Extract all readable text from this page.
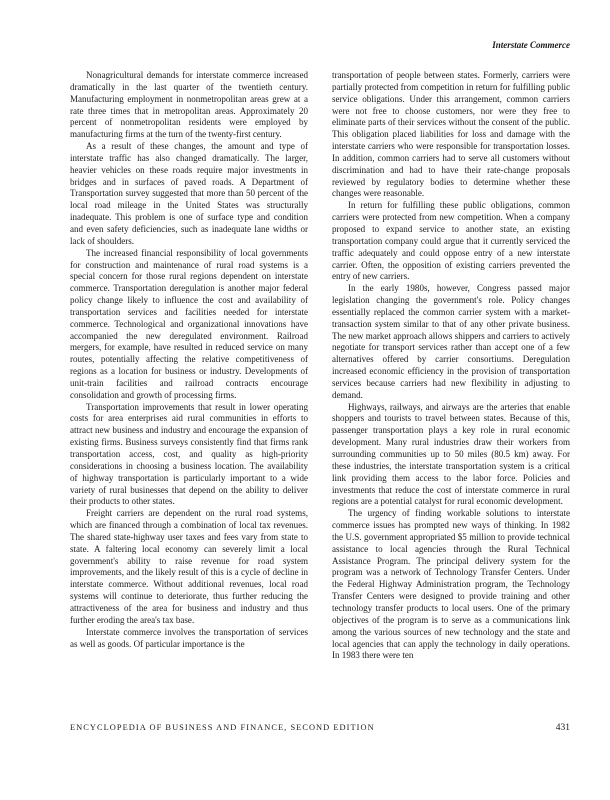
Interstate Commerce

Nonagricultural demands for interstate commerce increased dramatically in the last quarter of the twentieth century. Manufacturing employment in nonmetropolitan areas grew at a rate three times that in metropolitan areas. Approximately 20 percent of nonmetropolitan residents were employed by manufacturing firms at the turn of the twenty-first century.

As a result of these changes, the amount and type of interstate traffic has also changed dramatically. The larger, heavier vehicles on these roads require major investments in bridges and in surfaces of paved roads. A Department of Transportation survey suggested that more than 50 percent of the local road mileage in the United States was structurally inadequate. This problem is one of surface type and condition and even safety deficiencies, such as inadequate lane widths or lack of shoulders.

The increased financial responsibility of local governments for construction and maintenance of rural road systems is a special concern for those rural regions dependent on interstate commerce. Transportation deregulation is another major federal policy change likely to influence the cost and availability of transportation services and facilities needed for interstate commerce. Technological and organizational innovations have accompanied the new deregulated environment. Railroad mergers, for example, have resulted in reduced service on many routes, potentially affecting the relative competitiveness of regions as a location for business or industry. Developments of unit-train facilities and railroad contracts encourage consolidation and growth of processing firms.

Transportation improvements that result in lower operating costs for area enterprises aid rural communities in efforts to attract new business and industry and encourage the expansion of existing firms. Business surveys consistently find that firms rank transportation access, cost, and quality as high-priority considerations in choosing a business location. The availability of highway transportation is particularly important to a wide variety of rural businesses that depend on the ability to deliver their products to other states.

Freight carriers are dependent on the rural road systems, which are financed through a combination of local tax revenues. The shared state-highway user taxes and fees vary from state to state. A faltering local economy can severely limit a local government's ability to raise revenue for road system improvements, and the likely result of this is a cycle of decline in interstate commerce. Without additional revenues, local road systems will continue to deteriorate, thus further reducing the attractiveness of the area for business and industry and thus further eroding the area's tax base.

Interstate commerce involves the transportation of services as well as goods. Of particular importance is the

transportation of people between states. Formerly, carriers were partially protected from competition in return for fulfilling public service obligations. Under this arrangement, common carriers were not free to choose customers, nor were they free to eliminate parts of their services without the consent of the public. This obligation placed liabilities for loss and damage with the interstate carriers who were responsible for transportation losses. In addition, common carriers had to serve all customers without discrimination and had to have their rate-change proposals reviewed by regulatory bodies to determine whether these changes were reasonable.

In return for fulfilling these public obligations, common carriers were protected from new competition. When a company proposed to expand service to another state, an existing transportation company could argue that it currently serviced the traffic adequately and could oppose entry of a new interstate carrier. Often, the opposition of existing carriers prevented the entry of new carriers.

In the early 1980s, however, Congress passed major legislation changing the government's role. Policy changes essentially replaced the common carrier system with a market-transaction system similar to that of any other private business. The new market approach allows shippers and carriers to actively negotiate for transport services rather than accept one of a few alternatives offered by carrier consortiums. Deregulation increased economic efficiency in the provision of transportation services because carriers had new flexibility in adjusting to demand.

Highways, railways, and airways are the arteries that enable shoppers and tourists to travel between states. Because of this, passenger transportation plays a key role in rural economic development. Many rural industries draw their workers from surrounding communities up to 50 miles (80.5 km) away. For these industries, the interstate transportation system is a critical link providing them access to the labor force. Policies and investments that reduce the cost of interstate commerce in rural regions are a potential catalyst for rural economic development.

The urgency of finding workable solutions to interstate commerce issues has prompted new ways of thinking. In 1982 the U.S. government appropriated $5 million to provide technical assistance to local agencies through the Rural Technical Assistance Program. The principal delivery system for the program was a network of Technology Transfer Centers. Under the Federal Highway Administration program, the Technology Transfer Centers were designed to provide training and other technology transfer products to local users. One of the primary objectives of the program is to serve as a communications link among the various sources of new technology and the state and local agencies that can apply the technology in daily operations. In 1983 there were ten

ENCYCLOPEDIA OF BUSINESS AND FINANCE, SECOND EDITION	431
